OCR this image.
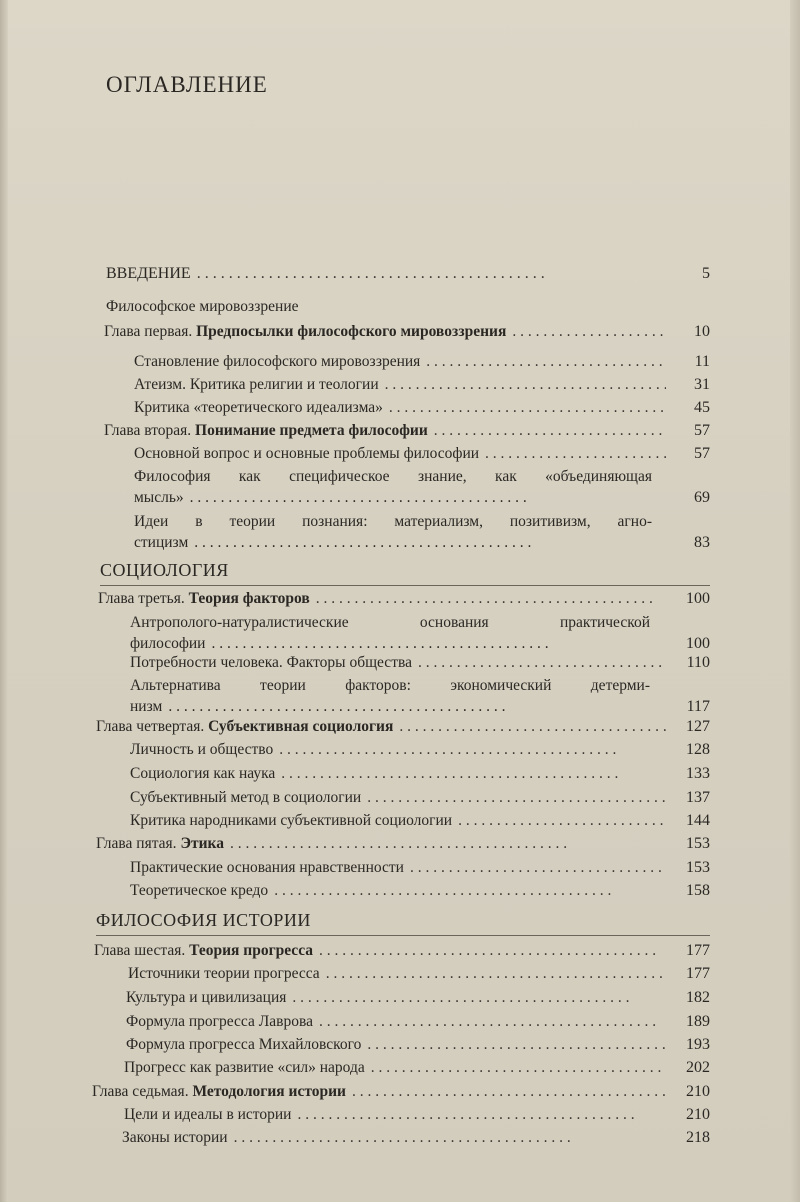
ОГЛАВЛЕНИЕ
ВВЕДЕНИЕ . . .	5
Философское мировоззрение
Глава первая. Предпосылки философского мировоззрения . . .	10
Становление философского мировоззрения . . .	11
Атеизм. Критика религии и теологии . . .	31
Критика «теоретического идеализма» . . .	45
Глава вторая. Понимание предмета философии . . .	57
Основной вопрос и основные проблемы философии . . .	57
Философия как специфическое знание, как «объединяющая
мысль» . . .	69
Идеи в теории познания: материализм, позитивизм, агно-
стицизм . . .	83
СОЦИОЛОГИЯ
Глава третья. Теория факторов . . .	100
Антрополого-натуралистические основания практической
философии . . .	100
Потребности человека. Факторы общества . . .	110
Альтернатива теории факторов: экономический детерми-
низм . . .	117
Глава четвертая. Субъективная социология . . .	127
Личность и общество . . .	128
Социология как наука . . .	133
Субъективный метод в социологии . . .	137
Критика народниками субъективной социологии . . .	144
Глава пятая. Этика . . .	153
Практические основания нравственности . . .	153
Теоретическое кредо . . .	158
ФИЛОСОФИЯ ИСТОРИИ
Глава шестая. Теория прогресса . . .	177
Источники теории прогресса . . .	177
Культура и цивилизация . . .	182
Формула прогресса Лаврова . . .	189
Формула прогресса Михайловского . . .	193
Прогресс как развитие «сил» народа . . .	202
Глава седьмая. Методология истории . . .	210
Цели и идеалы в истории . . .	210
Законы истории . . .	218
